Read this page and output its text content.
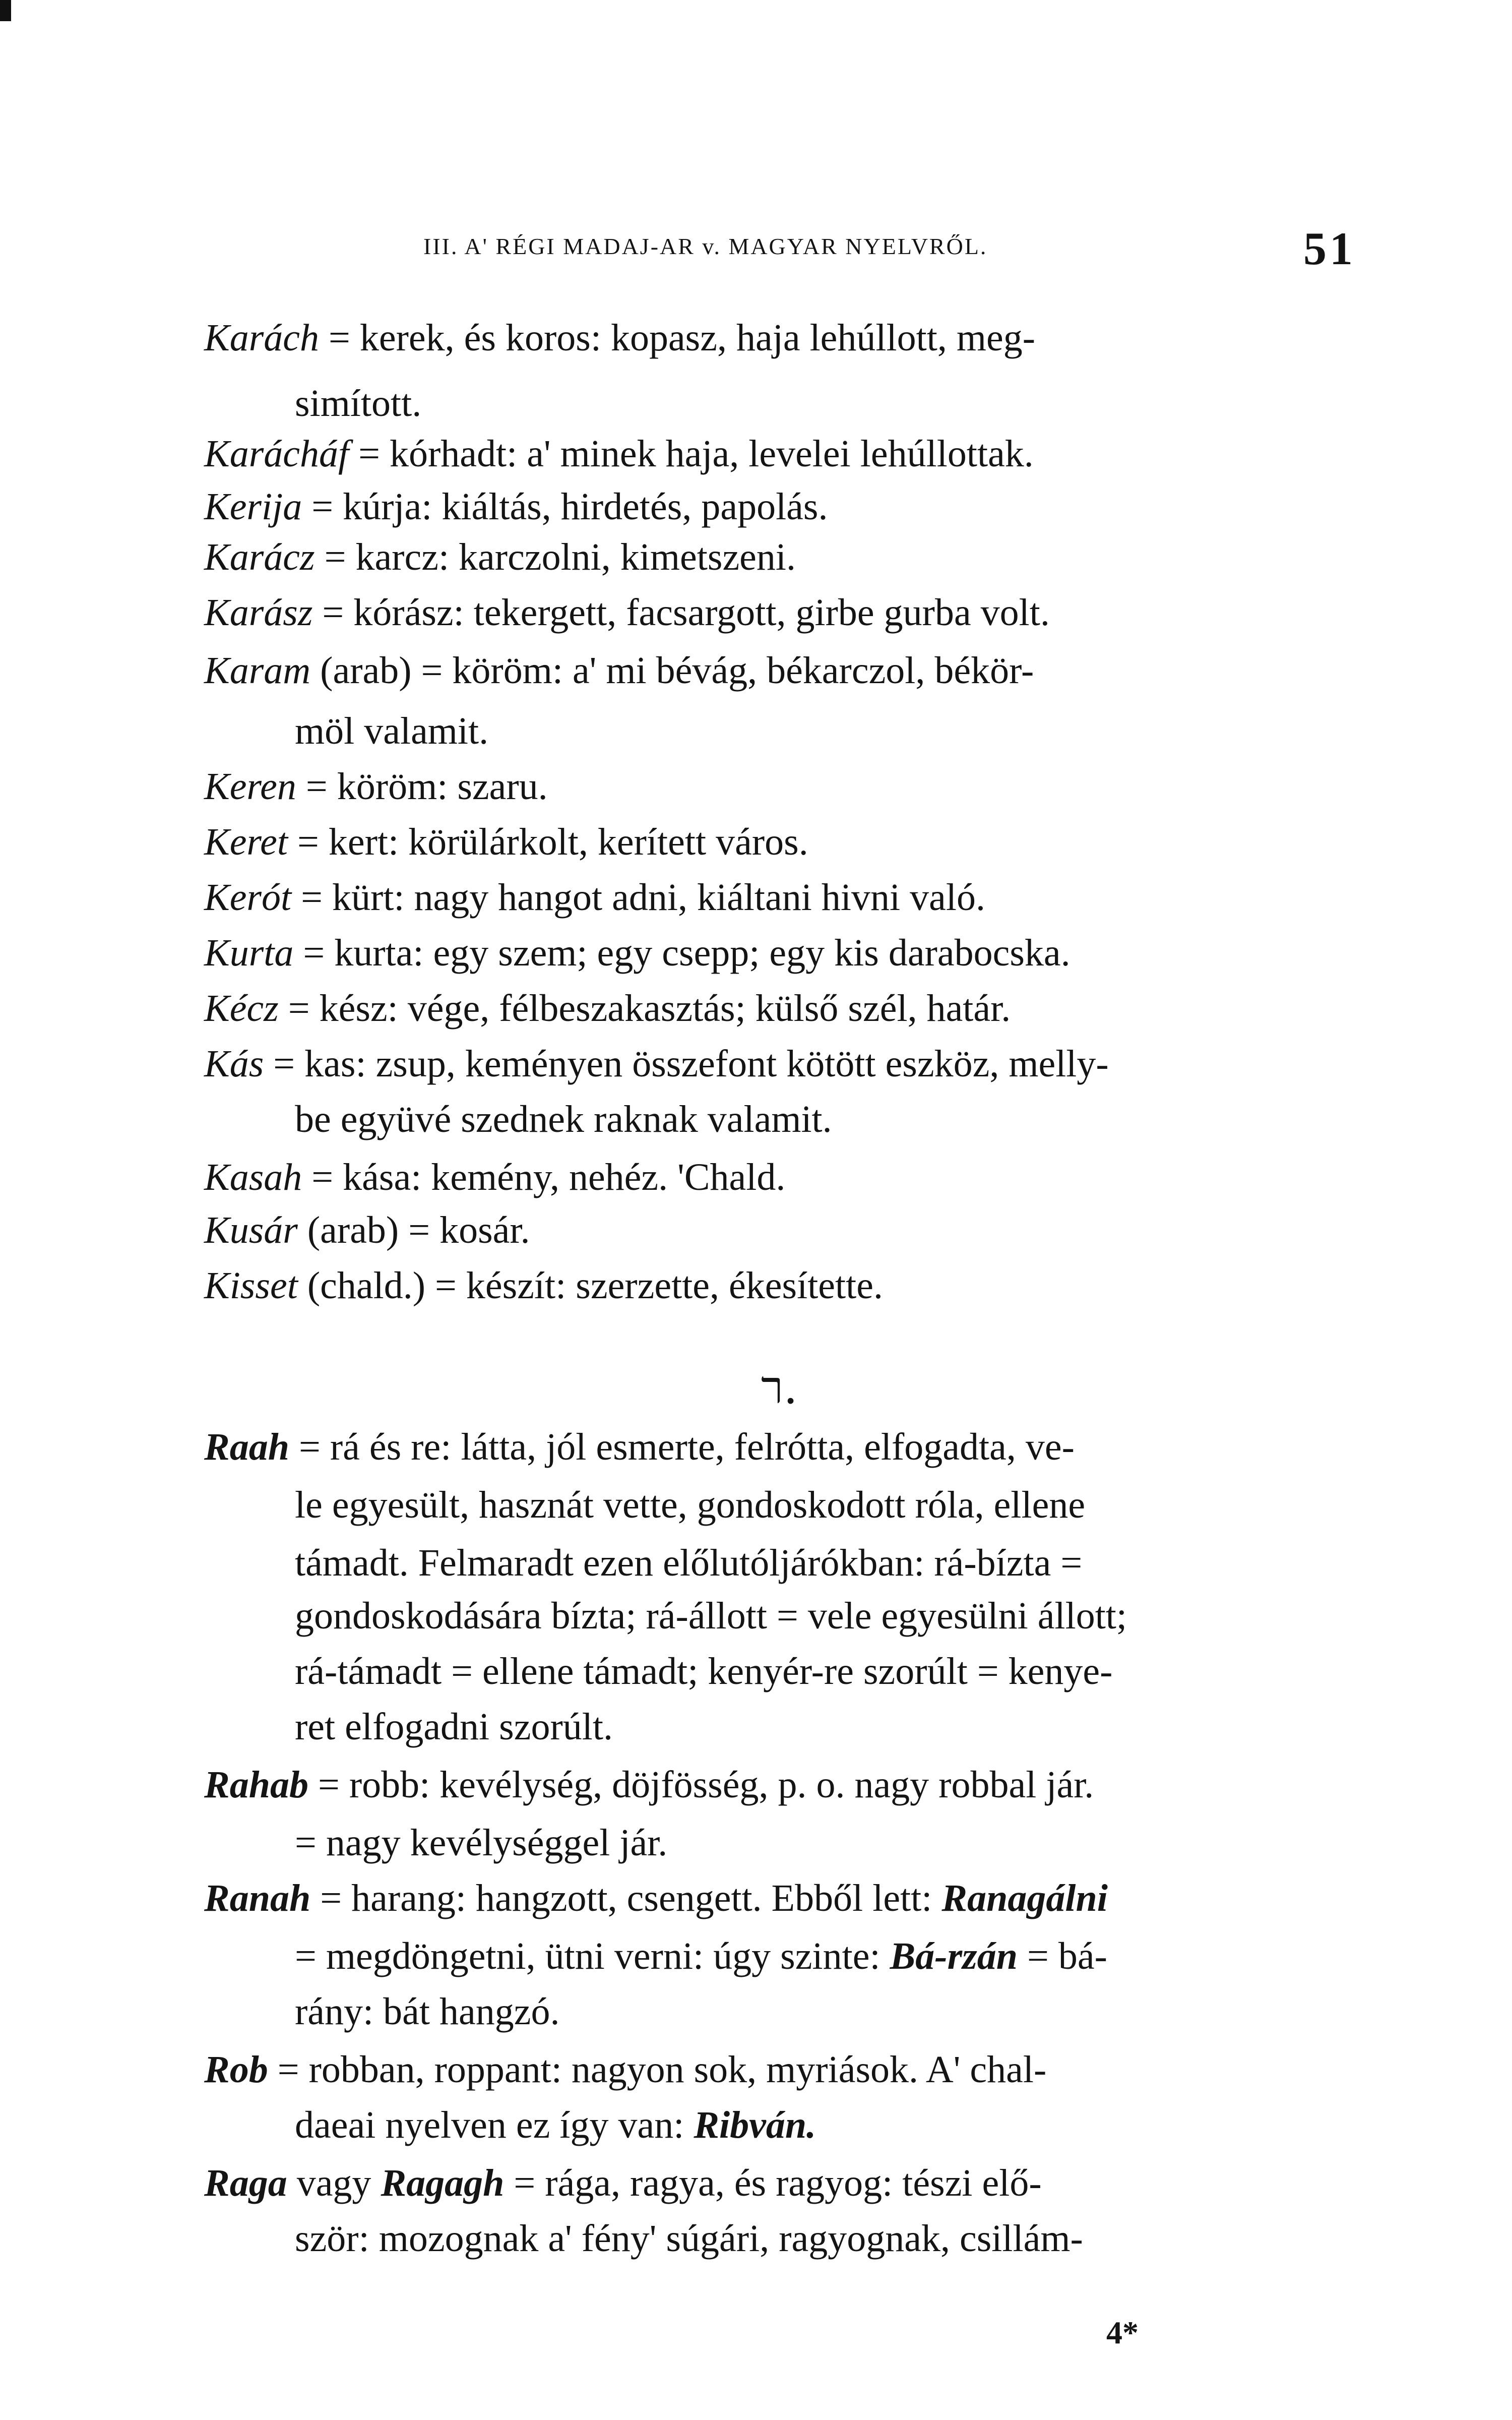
III. A' RÉGI MADAJ-AR v. MAGYAR NYELVRŐL.	51
Karách = kerek, és koros: kopasz, haja lehúllott, meg-
simított.
Karácháf = kórhadt: a' minek haja, levelei lehúllottak.
Kerija = kúrja: kiáltás, hirdetés, papolás.
Karácz = karcz: karczolni, kimetszeni.
Karász = kórász: tekergett, facsargott, girbe gurba volt.
Karam (arab) = köröm: a' mi bévág, békarczol, békör-
möl valamit.
Keren = köröm: szaru.
Keret = kert: körülárkolt, kerített város.
Kerót = kürt: nagy hangot adni, kiáltani hivni való.
Kurta = kurta: egy szem; egy csepp; egy kis darabocska.
Kécz = kész: vége, félbeszakasztás; külső szél, határ.
Kás = kas: zsup, keményen összefont kötött eszköz, melly-
be együvé szednek raknak valamit.
Kasah = kása: kemény, nehéz. 'Chald.
Kusár (arab) = kosár.
Kisset (chald.) = készít: szerzette, ékesítette.
Raah = rá és re: látta, jól esmerte, felrótta, elfogadta, ve-
le egyesült, hasznát vette, gondoskodott róla, ellene
támadt. Felmaradt ezen előlutóljárókban: rá-bízta =
gondoskodására bízta; rá-állott = vele egyesülni állott;
rá-támadt = ellene támadt; kenyér-re szorúlt = kenye-
ret elfogadni szorúlt.
Rahab = robb: kevélység, döjfösség, p. o. nagy robbal jár.
= nagy kevélységgel jár.
Ranah = harang: hangzott, csengett. Ebből lett: Ranagálni
= megdöngetni, ütni verni: úgy szinte: Bá-rzán = bá-
rány: bát hangzó.
Rob = robban, roppant: nagyon sok, myriások. A' chal-
daeai nyelven ez így van: Ribván.
Raga vagy Ragagh = rága, ragya, és ragyog: tészi elő-
ször: mozognak a' fény' súgári, ragyognak, csillám-
ר.
4*
